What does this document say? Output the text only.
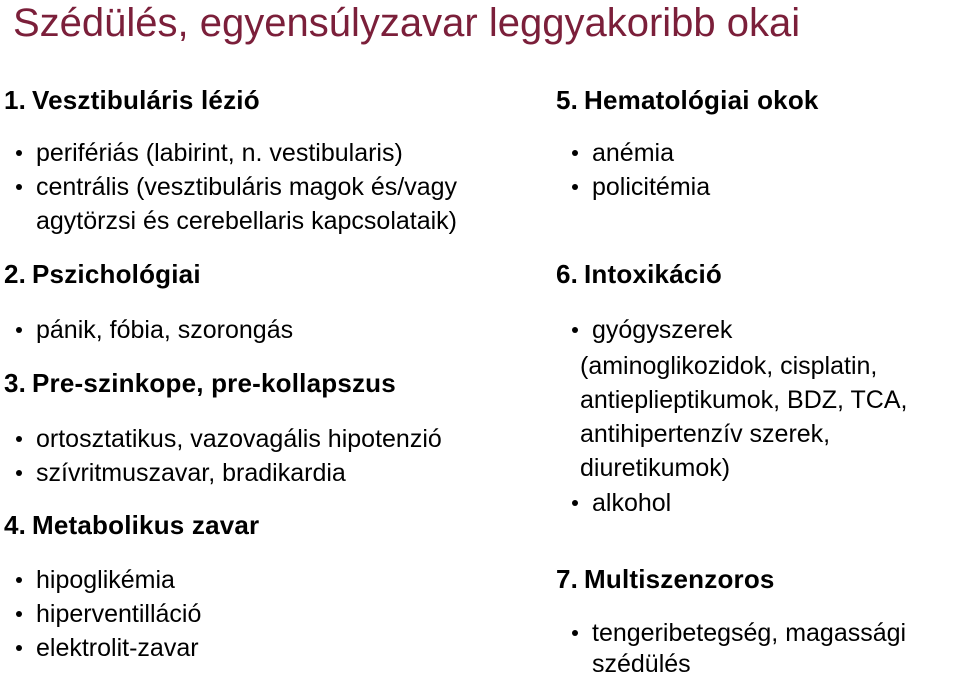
Szédülés, egyensúlyzavar leggyakoribb okai
1. Vesztibuláris lézió
perifériás (labirint, n. vestibularis)
centrális (vesztibuláris magok és/vagy
agytörzsi és cerebellaris kapcsolataik)
2. Pszichológiai
pánik, fóbia, szorongás
3. Pre-szinkope, pre-kollapszus
ortosztatikus, vazovagális hipotenzió
szívritmuszavar, bradikardia
4. Metabolikus zavar
hipoglikémia
hiperventilláció
elektrolit-zavar
5. Hematológiai okok
anémia
policitémia
6. Intoxikáció
gyógyszerek
(aminoglikozidok, cisplatin,
antieplieptikumok, BDZ, TCA,
antihipertenzív szerek,
diuretikumok)
alkohol
7. Multiszenzoros
tengeribetegség, magassági
szédülés
